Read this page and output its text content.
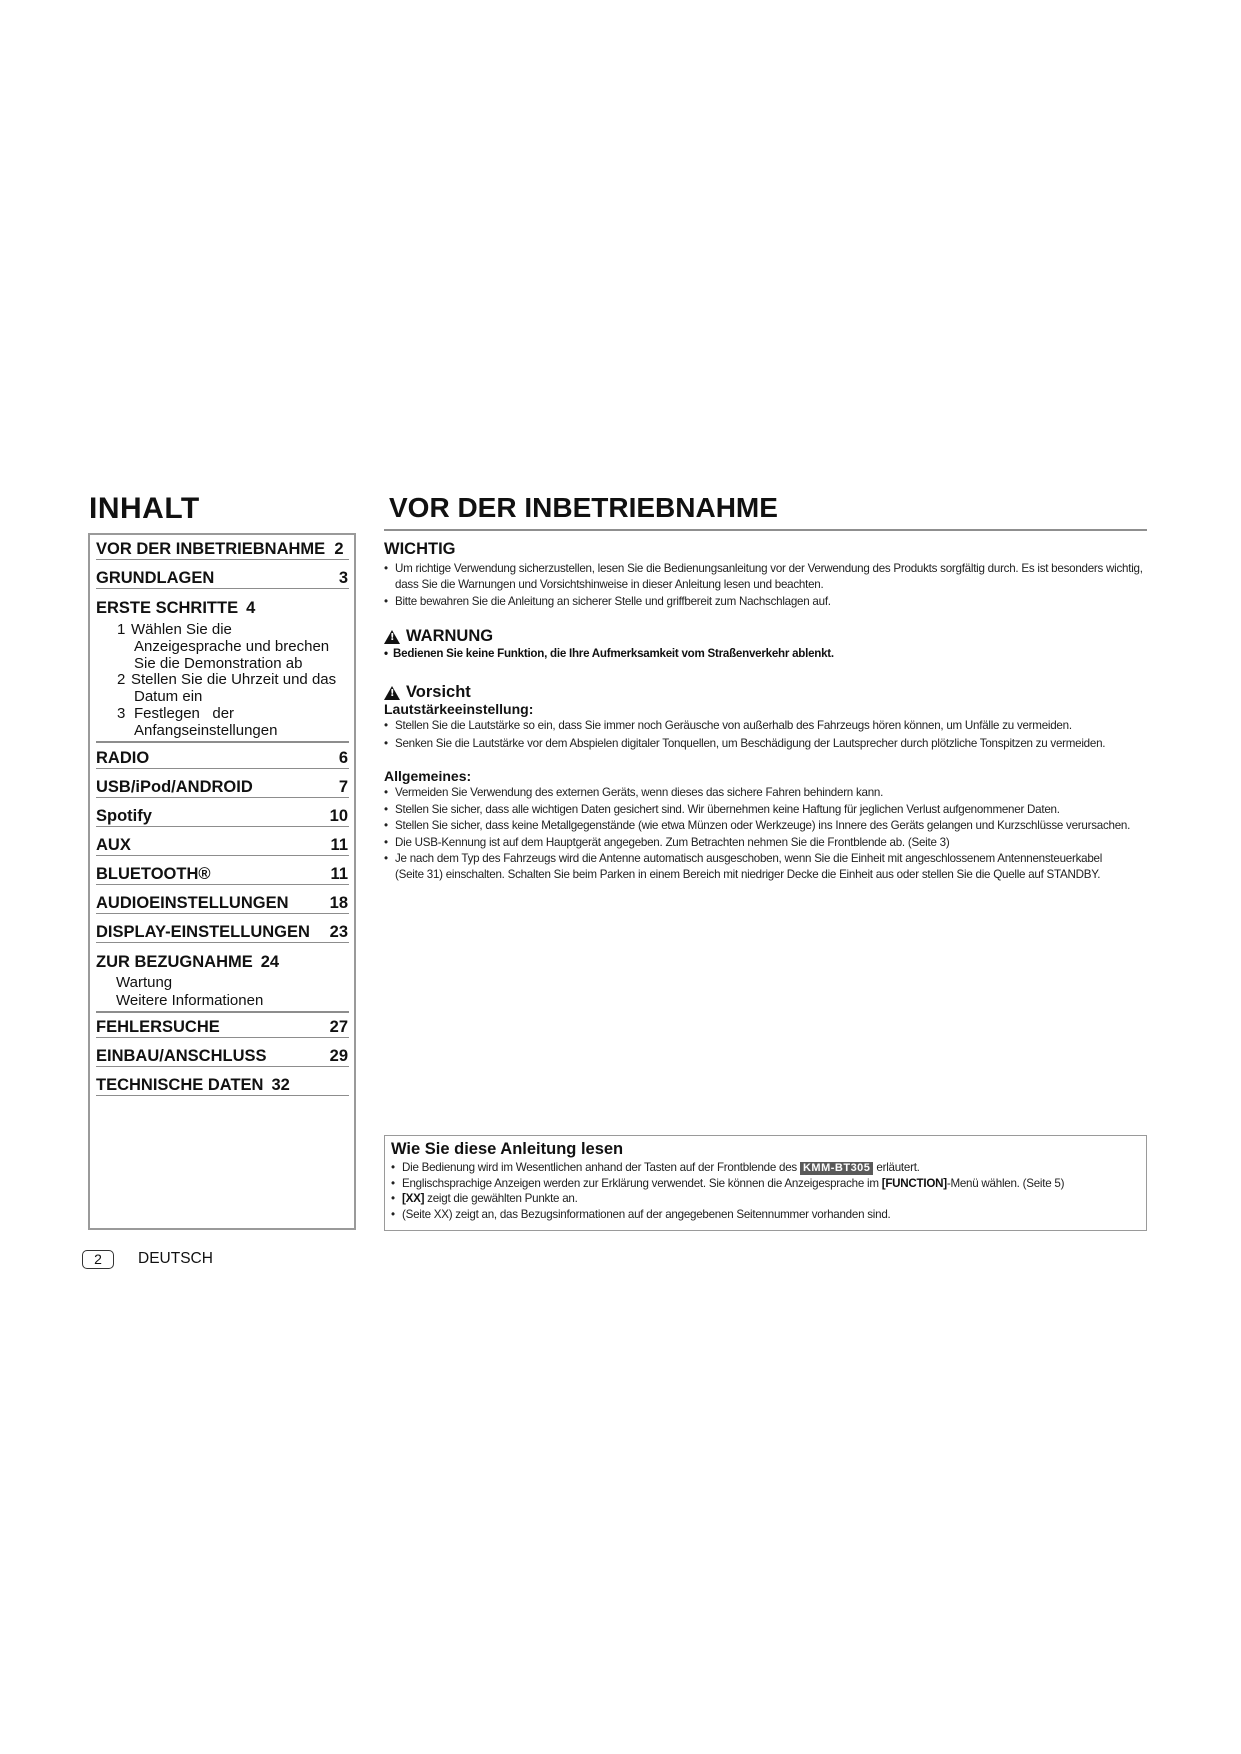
INHALT
VOR DER INBETRIEBNAHME 2
GRUNDLAGEN	3
ERSTE SCHRITTE 4
1 Wählen Sie die
Anzeigesprache und brechen
Sie die Demonstration ab
2 Stellen Sie die Uhrzeit und das
Datum ein
3 Festlegen   der
Anfangseinstellungen
RADIO	6
USB/iPod/ANDROID	7
Spotify	10
AUX	11
BLUETOOTH®	11
AUDIOEINSTELLUNGEN 18
DISPLAY-EINSTELLUNGEN 23
ZUR BEZUGNAHME 24
Wartung
Weitere Informationen
FEHLERSUCHE	27
EINBAU/ANSCHLUSS	29
TECHNISCHE DATEN 32
VOR DER INBETRIEBNAHME
WICHTIG
• Um richtige Verwendung sicherzustellen, lesen Sie die Bedienungsanleitung vor der Verwendung des Produkts sorgfältig durch. Es ist besonders wichtig,
dass Sie die Warnungen und Vorsichtshinweise in dieser Anleitung lesen und beachten.
• Bitte bewahren Sie die Anleitung an sicherer Stelle und griffbereit zum Nachschlagen auf.
!
WARNUNG
• Bedienen Sie keine Funktion, die Ihre Aufmerksamkeit vom Straßenverkehr ablenkt.
!
Vorsicht
Lautstärkeeinstellung:
• Stellen Sie die Lautstärke so ein, dass Sie immer noch Geräusche von außerhalb des Fahrzeugs hören können, um Unfälle zu vermeiden.
• Senken Sie die Lautstärke vor dem Abspielen digitaler Tonquellen, um Beschädigung der Lautsprecher durch plötzliche Tonspitzen zu vermeiden.
Allgemeines:
• Vermeiden Sie Verwendung des externen Geräts, wenn dieses das sichere Fahren behindern kann.
• Stellen Sie sicher, dass alle wichtigen Daten gesichert sind. Wir übernehmen keine Haftung für jeglichen Verlust aufgenommener Daten.
• Stellen Sie sicher, dass keine Metallgegenstände (wie etwa Münzen oder Werkzeuge) ins Innere des Geräts gelangen und Kurzschlüsse verursachen.
• Die USB-Kennung ist auf dem Hauptgerät angegeben. Zum Betrachten nehmen Sie die Frontblende ab. (Seite 3)
• Je nach dem Typ des Fahrzeugs wird die Antenne automatisch ausgeschoben, wenn Sie die Einheit mit angeschlossenem Antennensteuerkabel
(Seite 31) einschalten. Schalten Sie beim Parken in einem Bereich mit niedriger Decke die Einheit aus oder stellen Sie die Quelle auf STANDBY.
Wie Sie diese Anleitung lesen
• Die Bedienung wird im Wesentlichen anhand der Tasten auf der Frontblende des KMM-BT305 erläutert.
• Englischsprachige Anzeigen werden zur Erklärung verwendet. Sie können die Anzeigesprache im [FUNCTION]-Menü wählen. (Seite 5)
• [XX] zeigt die gewählten Punkte an.
• (Seite XX) zeigt an, das Bezugsinformationen auf der angegebenen Seitennummer vorhanden sind.
2	DEUTSCH
